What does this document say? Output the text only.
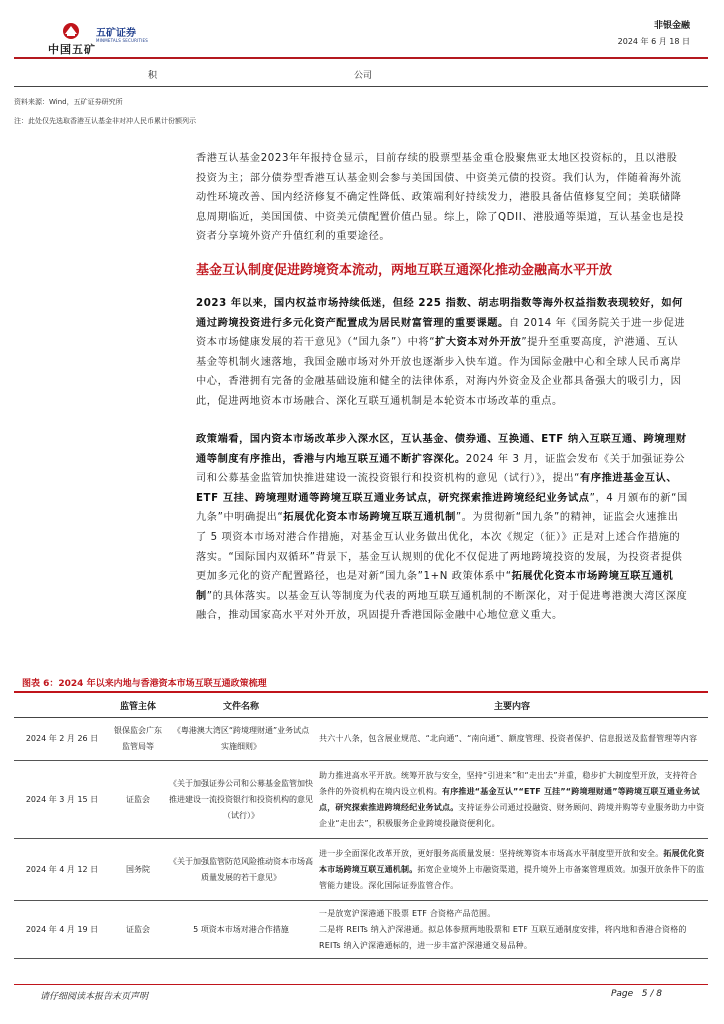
中国五矿
五矿证券
MINMETALS SECURITIES
非银金融
2024 年 6 月 18 日
积	公司
资料来源：Wind，五矿证券研究所
注：此处仅先选取香港互认基金非对冲人民币累计份额列示

香港互认基金2023年年报持仓显示，目前存续的股票型基金重仓股聚焦亚太地区投资标的，且以港股投资为主；部分债券型香港互认基金则会参与美国国债、中资美元债的投资。我们认为，伴随着海外流动性环境改善、国内经济修复不确定性降低、政策端利好持续发力，港股具备估值修复空间；美联储降息周期临近，美国国债、中资美元债配置价值凸显。综上，除了QDII、港股通等渠道，互认基金也是投资者分享境外资产升值红利的重要途径。

基金互认制度促进跨境资本流动，两地互联互通深化推动金融高水平开放

2023 年以来，国内权益市场持续低迷，但经 225 指数、胡志明指数等海外权益指数表现较好，如何通过跨境投资进行多元化资产配置成为居民财富管理的重要课题。自 2014 年《国务院关于进一步促进资本市场健康发展的若干意见》（“国九条”）中将“扩大资本对外开放”提升至重要高度，沪港通、互认基金等机制火速落地，我国金融市场对外开放也逐渐步入快车道。作为国际金融中心和全球人民币离岸中心，香港拥有完备的金融基础设施和健全的法律体系，对海内外资金及企业都具备强大的吸引力，因此，促进两地资本市场融合、深化互联互通机制是本轮资本市场改革的重点。

政策端看，国内资本市场改革步入深水区，互认基金、债券通、互换通、ETF 纳入互联互通、跨境理财通等制度有序推出，香港与内地互联互通不断扩容深化。2024 年 3 月，证监会发布《关于加强证券公司和公募基金监管加快推进建设一流投资银行和投资机构的意见（试行）》，提出“有序推进基金互认、ETF 互挂、跨境理财通等跨境互联互通业务试点，研究探索推进跨境经纪业务试点”，4 月颁布的新“国九条”中明确提出“拓展优化资本市场跨境互联互通机制”。为贯彻新“国九条”的精神，证监会火速推出了 5 项资本市场对港合作措施，对基金互认业务做出优化，本次《规定（征）》正是对上述合作措施的落实。“国际国内双循环”背景下，基金互认规则的优化不仅促进了两地跨境投资的发展，为投资者提供更加多元化的资产配置路径，也是对新“国九条”1+N 政策体系中“拓展优化资本市场跨境互联互通机制”的具体落实。以基金互认等制度为代表的两地互联互通机制的不断深化，对于促进粤港澳大湾区深度融合，推动国家高水平对外开放，巩固提升香港国际金融中心地位意义重大。

图表 6：2024 年以来内地与香港资本市场互联互通政策梳理
	监管主体	文件名称	主要内容
2024 年 2 月 26 日	银保监会广东监管局等	《粤港澳大湾区“跨境理财通”业务试点实施细则》	共六十八条，包含展业规范、“北向通”、“南向通”、额度管理、投资者保护、信息报送及监督管理等内容
2024 年 3 月 15 日	证监会	《关于加强证券公司和公募基金监管加快推进建设一流投资银行和投资机构的意见（试行）》	助力推进高水平开放。统筹开放与安全，坚持“引进来”和“走出去”并重，稳步扩大制度型开放，支持符合条件的外资机构在境内设立机构。有序推进“基金互认”“ETF 互挂”“跨境理财通”等跨境互联互通业务试点，研究探索推进跨境经纪业务试点。支持证券公司通过投融资、财务顾问、跨境并购等专业服务助力中资企业“走出去”，积极服务企业跨境投融资便利化。
2024 年 4 月 12 日	国务院	《关于加强监管防范风险推动资本市场高质量发展的若干意见》	进一步全面深化改革开放，更好服务高质量发展：坚持统筹资本市场高水平制度型开放和安全。拓展优化资本市场跨境互联互通机制。拓宽企业境外上市融资渠道，提升境外上市备案管理质效。加强开放条件下的监管能力建设。深化国际证券监管合作。
2024 年 4 月 19 日	证监会	5 项资本市场对港合作措施	一是放宽沪深港通下股票 ETF 合资格产品范围。
二是将 REITs 纳入沪深港通。拟总体参照两地股票和 ETF 互联互通制度安排，将内地和香港合资格的 REITs 纳入沪深港通标的，进一步丰富沪深港通交易品种。
请仔细阅读本报告末页声明	Page 5 / 8
